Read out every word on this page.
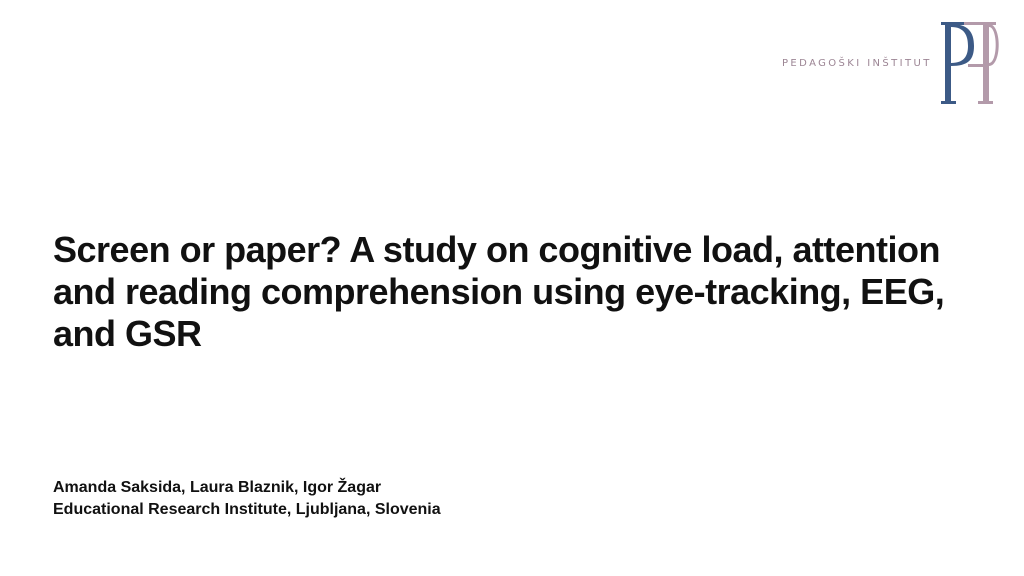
PEDAGOŠKI INŠTITUT
Screen or paper? A study on cognitive load, attention and reading comprehension using eye-tracking, EEG, and GSR

Amanda Saksida, Laura Blaznik, Igor Žagar

Educational Research Institute, Ljubljana, Slovenia
